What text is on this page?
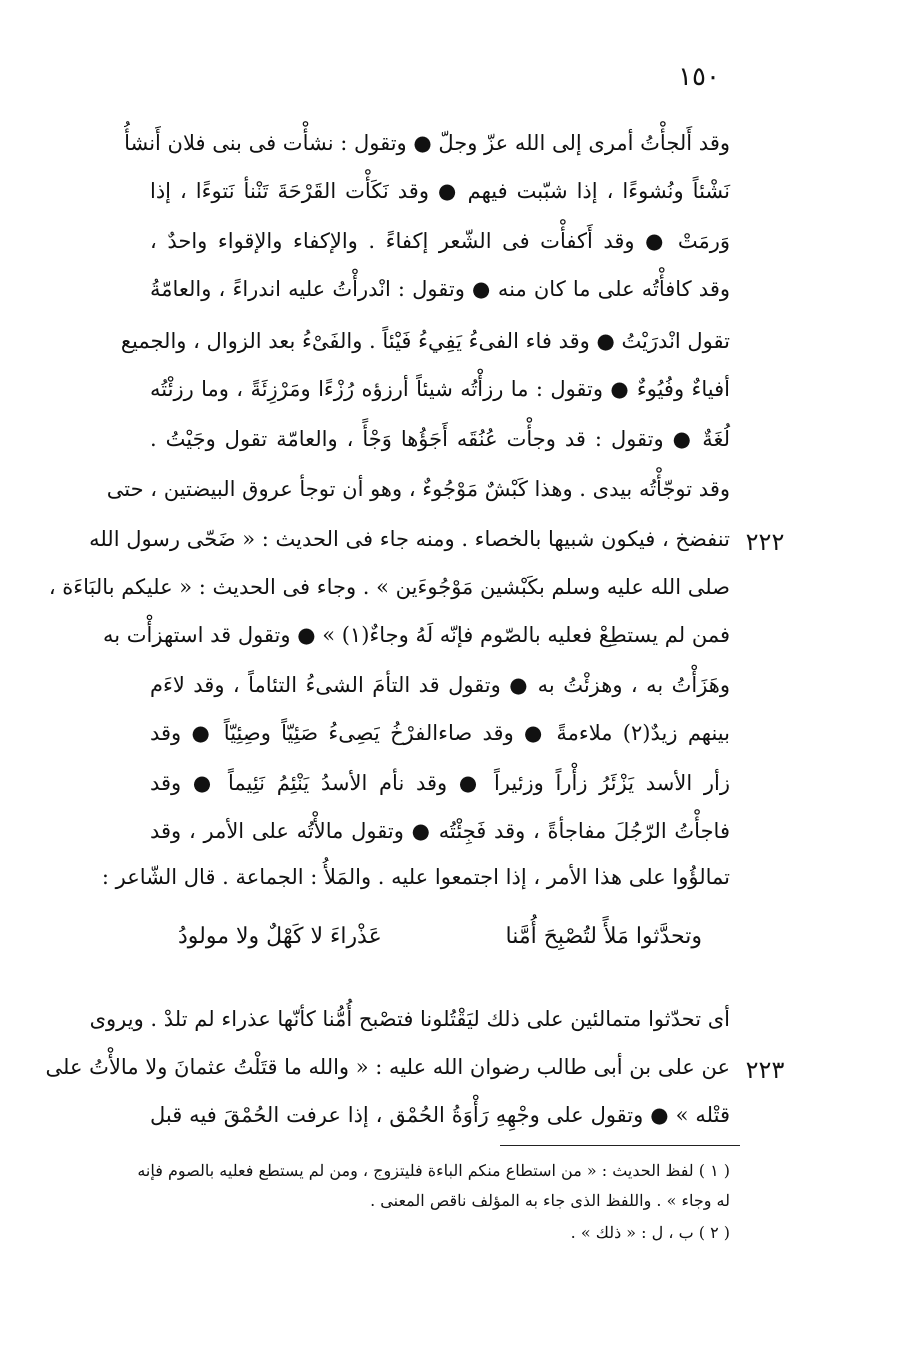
١٥٠
وقد أَلجأْتُ أمرى إلى الله عزّ وجلّ ● وتقول : نشأْت فى بنى فلان أَنشأُ
نَشْئاً ونُشوءًا ، إذا شبّبت فيهم ● وقد نَكَأْت القَرْحَةَ تَنْنأ نَتوءًا ، إذا
وَرمَتْ ● وقد أَكفأْت فى الشّعر إكفاءً . والإكفاء والإقواء واحدٌ ،
وقد كافأْتُه على ما كان منه ● وتقول : انْدرأْتُ عليه اندراءً ، والعامّةُ
تقول انْدرَيْتُ ● وقد فاء الفىءُ يَفِيءُ فَيْئاً . والفَىْءُ بعد الزوال ، والجميع
أفياءٌ وفُيُوءٌ ● وتقول : ما رزأْتُه شيئاً أرزؤه رُزْءًا ومَرْزِئَةً ، وما رزئْتُه
لُغَةٌ ● وتقول : قد وجأْت عُنُقَه أَجَؤُها وَجْأً ، والعامّة تقول وجَيْتُ .
وقد توجّأْتُه بيدى . وهذا كَبْشٌ مَوْجُوءٌ ، وهو أن توجأ عروق البيضتين ، حتى
تنفضخ ، فيكون شبيها بالخصاء . ومنه جاء فى الحديث : « ضَحّى رسول الله
صلى الله عليه وسلم بكَبْشين مَوْجُوءَين » . وجاء فى الحديث : « عليكم بالبَاءَة ،
فمن لم يستطِعْ فعليه بالصّوم فإنّه لَهُ وجاءٌ(١) » ● وتقول قد استهزأْت به
وهَزَأْتُ به ، وهزئْتُ به ● وتقول قد التأمَ الشىءُ التئاماً ، وقد لاءَم
بينهم زيدٌ(٢) ملاءمةً ● وقد صاءالفرْخُ يَصِىءُ صَئِيّاً وصِئِيّاً ● وقد
زأر الأسد يَزْئَرُ زأْراً وزئيراً ● وقد نأم الأسدُ يَنْئِمُ نَئِيماً ● وقد
فاجأْتُ الرّجُلَ مفاجأةً ، وقد فَجِئْتُه ● وتقول مالأْتُه على الأمر ، وقد
تمالؤُوا على هذا الأمر ، إذا اجتمعوا عليه . والمَلأُ : الجماعة . قال الشّاعر :
٢٢٢
وتحدَّثوا مَلأً لتُصْبِحَ أُمَّنا
عَذْراءَ لا كَهْلٌ ولا مولودُ
أى تحدّثوا متمالئين على ذلك ليَقْتُلونا فتصْبح أُمُّنا كأنّها عذراء لم تلدْ . ويروى
عن على بن أبى طالب رضوان الله عليه : « والله ما قتَلْتُ عثمانَ ولا مالأْتُ على
قتْله » ● وتقول على وجْهِهِ رَأْوَةُ الحُمْق ، إذا عرفت الحُمْقَ فيه قبل
٢٢٣
( ١ ) لفظ الحديث : « من استطاع منكم الباءة فليتزوج ، ومن لم يستطع فعليه بالصوم فإنه
له وجاء » . واللفظ الذى جاء به المؤلف ناقص المعنى .
( ٢ ) ب ، ل : « ذلك » .
